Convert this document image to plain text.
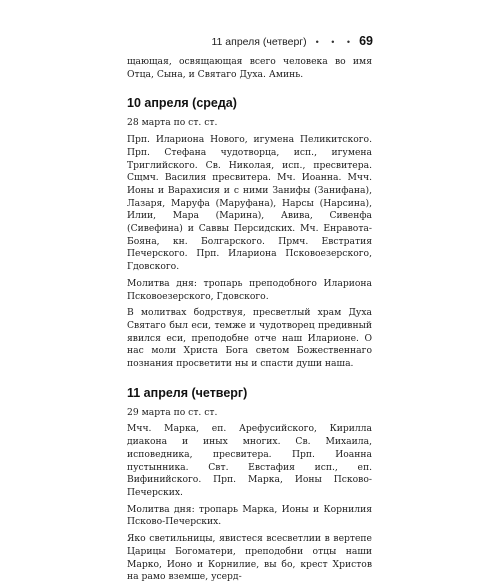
11 апреля (четверг) • • • 69

щающая, освящающая всего человека во имя Отца, Сына, и Святаго Духа. Аминь.

10 апреля (среда)

28 марта по ст. ст.

Прп. Илариона Нового, игумена Пеликитского. Прп. Стефана чудотворца, исп., игумена Триглийского. Св. Николая, исп., пресвитера. Сщмч. Василия пресвитера. Мч. Иоанна. Мчч. Ионы и Варахисия и с ними Занифы (Занифана), Лазаря, Маруфа (Маруфана), Нарсы (Нарсина), Илии, Мара (Марина), Авива, Сивенфа (Сивефина) и Саввы Персидских. Мч. Енравота-Бояна, кн. Болгарского. Прмч. Евстратия Печерского. Прп. Илариона Псковоезерского, Гдовского.

Молитва дня: тропарь преподобного Илариона Псковоезерского, Гдовского.

В молитвах бодрствуя, пресветлый храм Духа Святаго был еси, темже и чудотворец предивный явился еси, преподобне отче наш Иларионе. О нас моли Христа Бога светом Божественнаго познания просветити ны и спасти души наша.

11 апреля (четверг)

29 марта по ст. ст.

Мчч. Марка, еп. Арефусийского, Кирилла диакона и иных многих. Св. Михаила, исповедника, пресвитера. Прп. Иоанна пустынника. Свт. Евстафия исп., еп. Вифинийского. Прп. Марка, Ионы Псково-Печерских.

Молитва дня: тропарь Марка, Ионы и Корнилия Псково-Печерских.

Яко светильницы, явистеся всесветлии в вертепе Царицы Богоматери, преподобни отцы наши Марко, Ионо и Корнилие, вы бо, крест Христов на рамо вземше, усерд-
